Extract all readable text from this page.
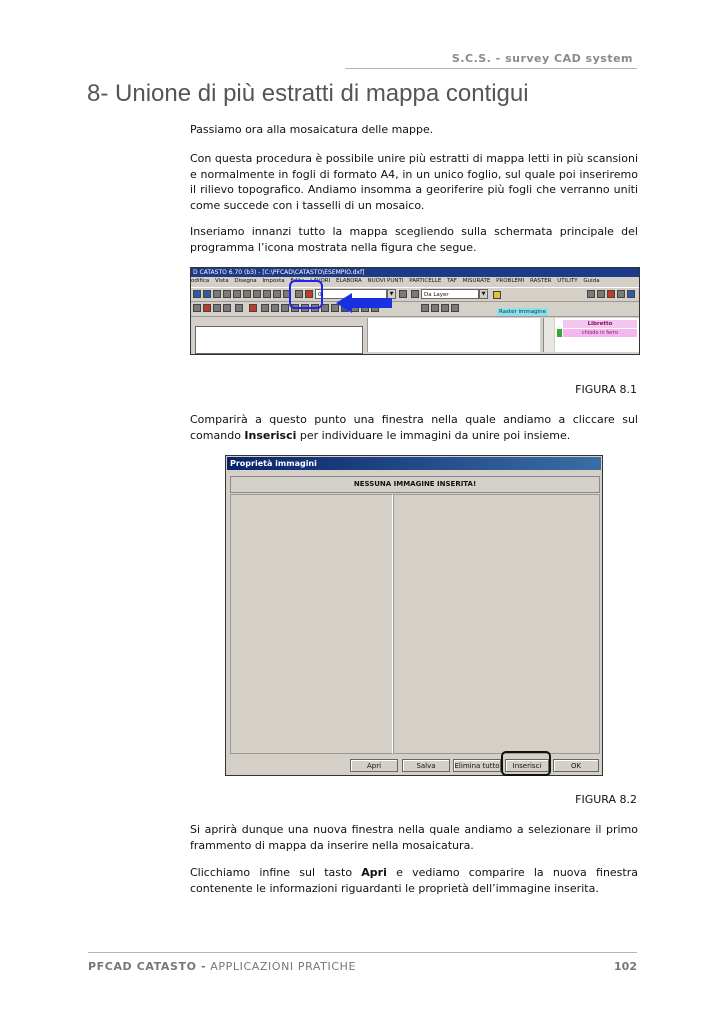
S.C.S. - survey CAD system
8- Unione di più estratti di mappa contigui
Passiamo ora alla mosaicatura delle mappe.
Con questa procedura è possibile unire più estratti di mappa letti in più scansioni e normalmente in fogli di formato A4, in un unico foglio, sul quale poi inseriremo il rilievo topografico. Andiamo insomma a georiferire più fogli che verranno uniti come succede con i tasselli di un mosaico.
Inseriamo innanzi tutto la mappa scegliendo sulla schermata principale del programma l’icona mostrata nella figura che segue.
D CATASTO 6.70 (b3) - [C:\PFCAD\CATASTO\ESEMPIO.dxf]
odifica Vista Disegna Imposta Edita LAVORI ELABORA NUOVI PUNTI PARTICELLE TAF MISURATE PROBLEMI RASTER UTILITY Guida
0	▼	Da Layer	▼
Raster immagine
Libretto
chiodo in ferro
FIGURA 8.1
Comparirà a questo punto una finestra nella quale andiamo a cliccare sul comando Inserisci per individuare le immagini da unire poi insieme.
Proprietà immagini
NESSUNA IMMAGINE INSERITA!
Apri	Salva	Elimina tutto	Inserisci	OK
FIGURA 8.2
Si aprirà dunque una nuova finestra nella quale andiamo a selezionare il primo frammento di mappa da inserire nella mosaicatura.
Clicchiamo infine sul tasto Apri e vediamo comparire la nuova finestra contenente le informazioni riguardanti le proprietà dell’immagine inserita.
PFCAD CATASTO - APPLICAZIONI PRATICHE	102
